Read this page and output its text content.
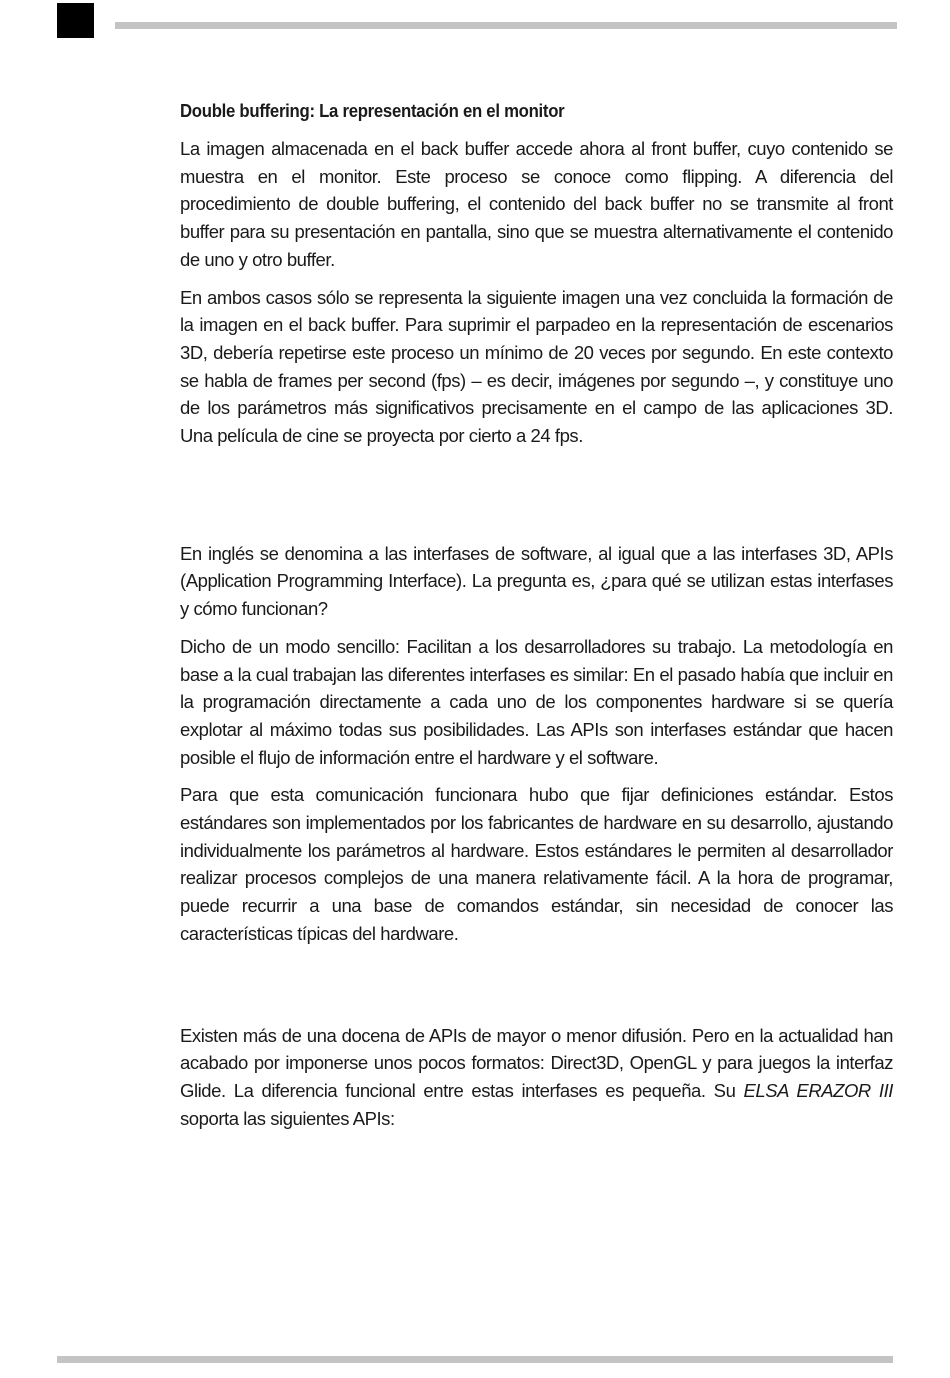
Double buffering: La representación en el monitor

La imagen almacenada en el back buffer accede ahora al front buffer, cuyo contenido se muestra en el monitor. Este proceso se conoce como flipping. A diferencia del procedimiento de double buffering, el contenido del back buffer no se transmite al front buffer para su presentación en pantalla, sino que se muestra alternativamente el contenido de uno y otro buffer.

En ambos casos sólo se representa la siguiente imagen una vez concluida la formación de la imagen en el back buffer. Para suprimir el parpadeo en la representación de escenarios 3D, debería repetirse este proceso un mínimo de 20 veces por segundo. En este contexto se habla de frames per second (fps) – es decir, imágenes por segundo –, y constituye uno de los parámetros más significativos precisamente en el campo de las aplicaciones 3D. Una película de cine se proyecta por cierto a 24 fps.

En inglés se denomina a las interfases de software, al igual que a las interfases 3D, APIs (Application Programming Interface). La pregunta es, ¿para qué se utilizan estas interfases y cómo funcionan?

Dicho de un modo sencillo: Facilitan a los desarrolladores su trabajo. La metodología en base a la cual trabajan las diferentes interfases es similar: En el pasado había que incluir en la programación directamente a cada uno de los componentes hardware si se quería explotar al máximo todas sus posibilidades. Las APIs son interfases estándar que hacen posible el flujo de información entre el hardware y el software.

Para que esta comunicación funcionara hubo que fijar definiciones estándar. Estos estándares son implementados por los fabricantes de hardware en su desarrollo, ajustando individualmente los parámetros al hardware. Estos estándares le permiten al desarrollador realizar procesos complejos de una manera relativamente fácil. A la hora de programar, puede recurrir a una base de comandos estándar, sin necesidad de conocer las características típicas del hardware.

Existen más de una docena de APIs de mayor o menor difusión. Pero en la actualidad han acabado por imponerse unos pocos formatos: Direct3D, OpenGL y para juegos la interfaz Glide. La diferencia funcional entre estas interfases es pequeña. Su ELSA ERAZOR III soporta las siguientes APIs:
